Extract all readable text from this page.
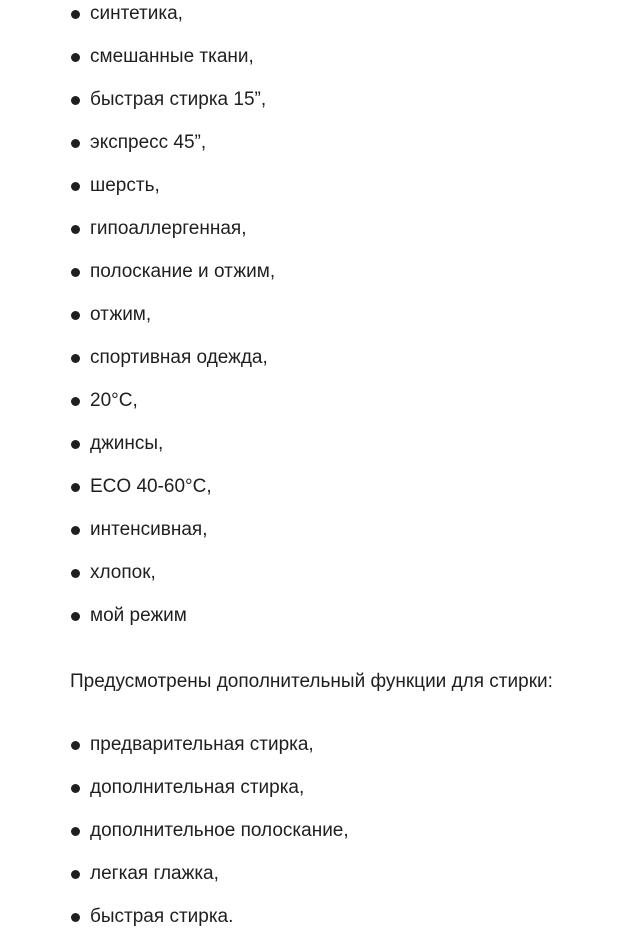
синтетика,
смешанные ткани,
быстрая стирка 15”,
экспресс 45”,
шерсть,
гипоаллергенная,
полоскание и отжим,
отжим,
спортивная одежда,
20°C,
джинсы,
ECO 40-60°C,
интенсивная,
хлопок,
мой режим

Предусмотрены дополнительный функции для стирки:

предварительная стирка,
дополнительная стирка,
дополнительное полоскание,
легкая глажка,
быстрая стирка.
